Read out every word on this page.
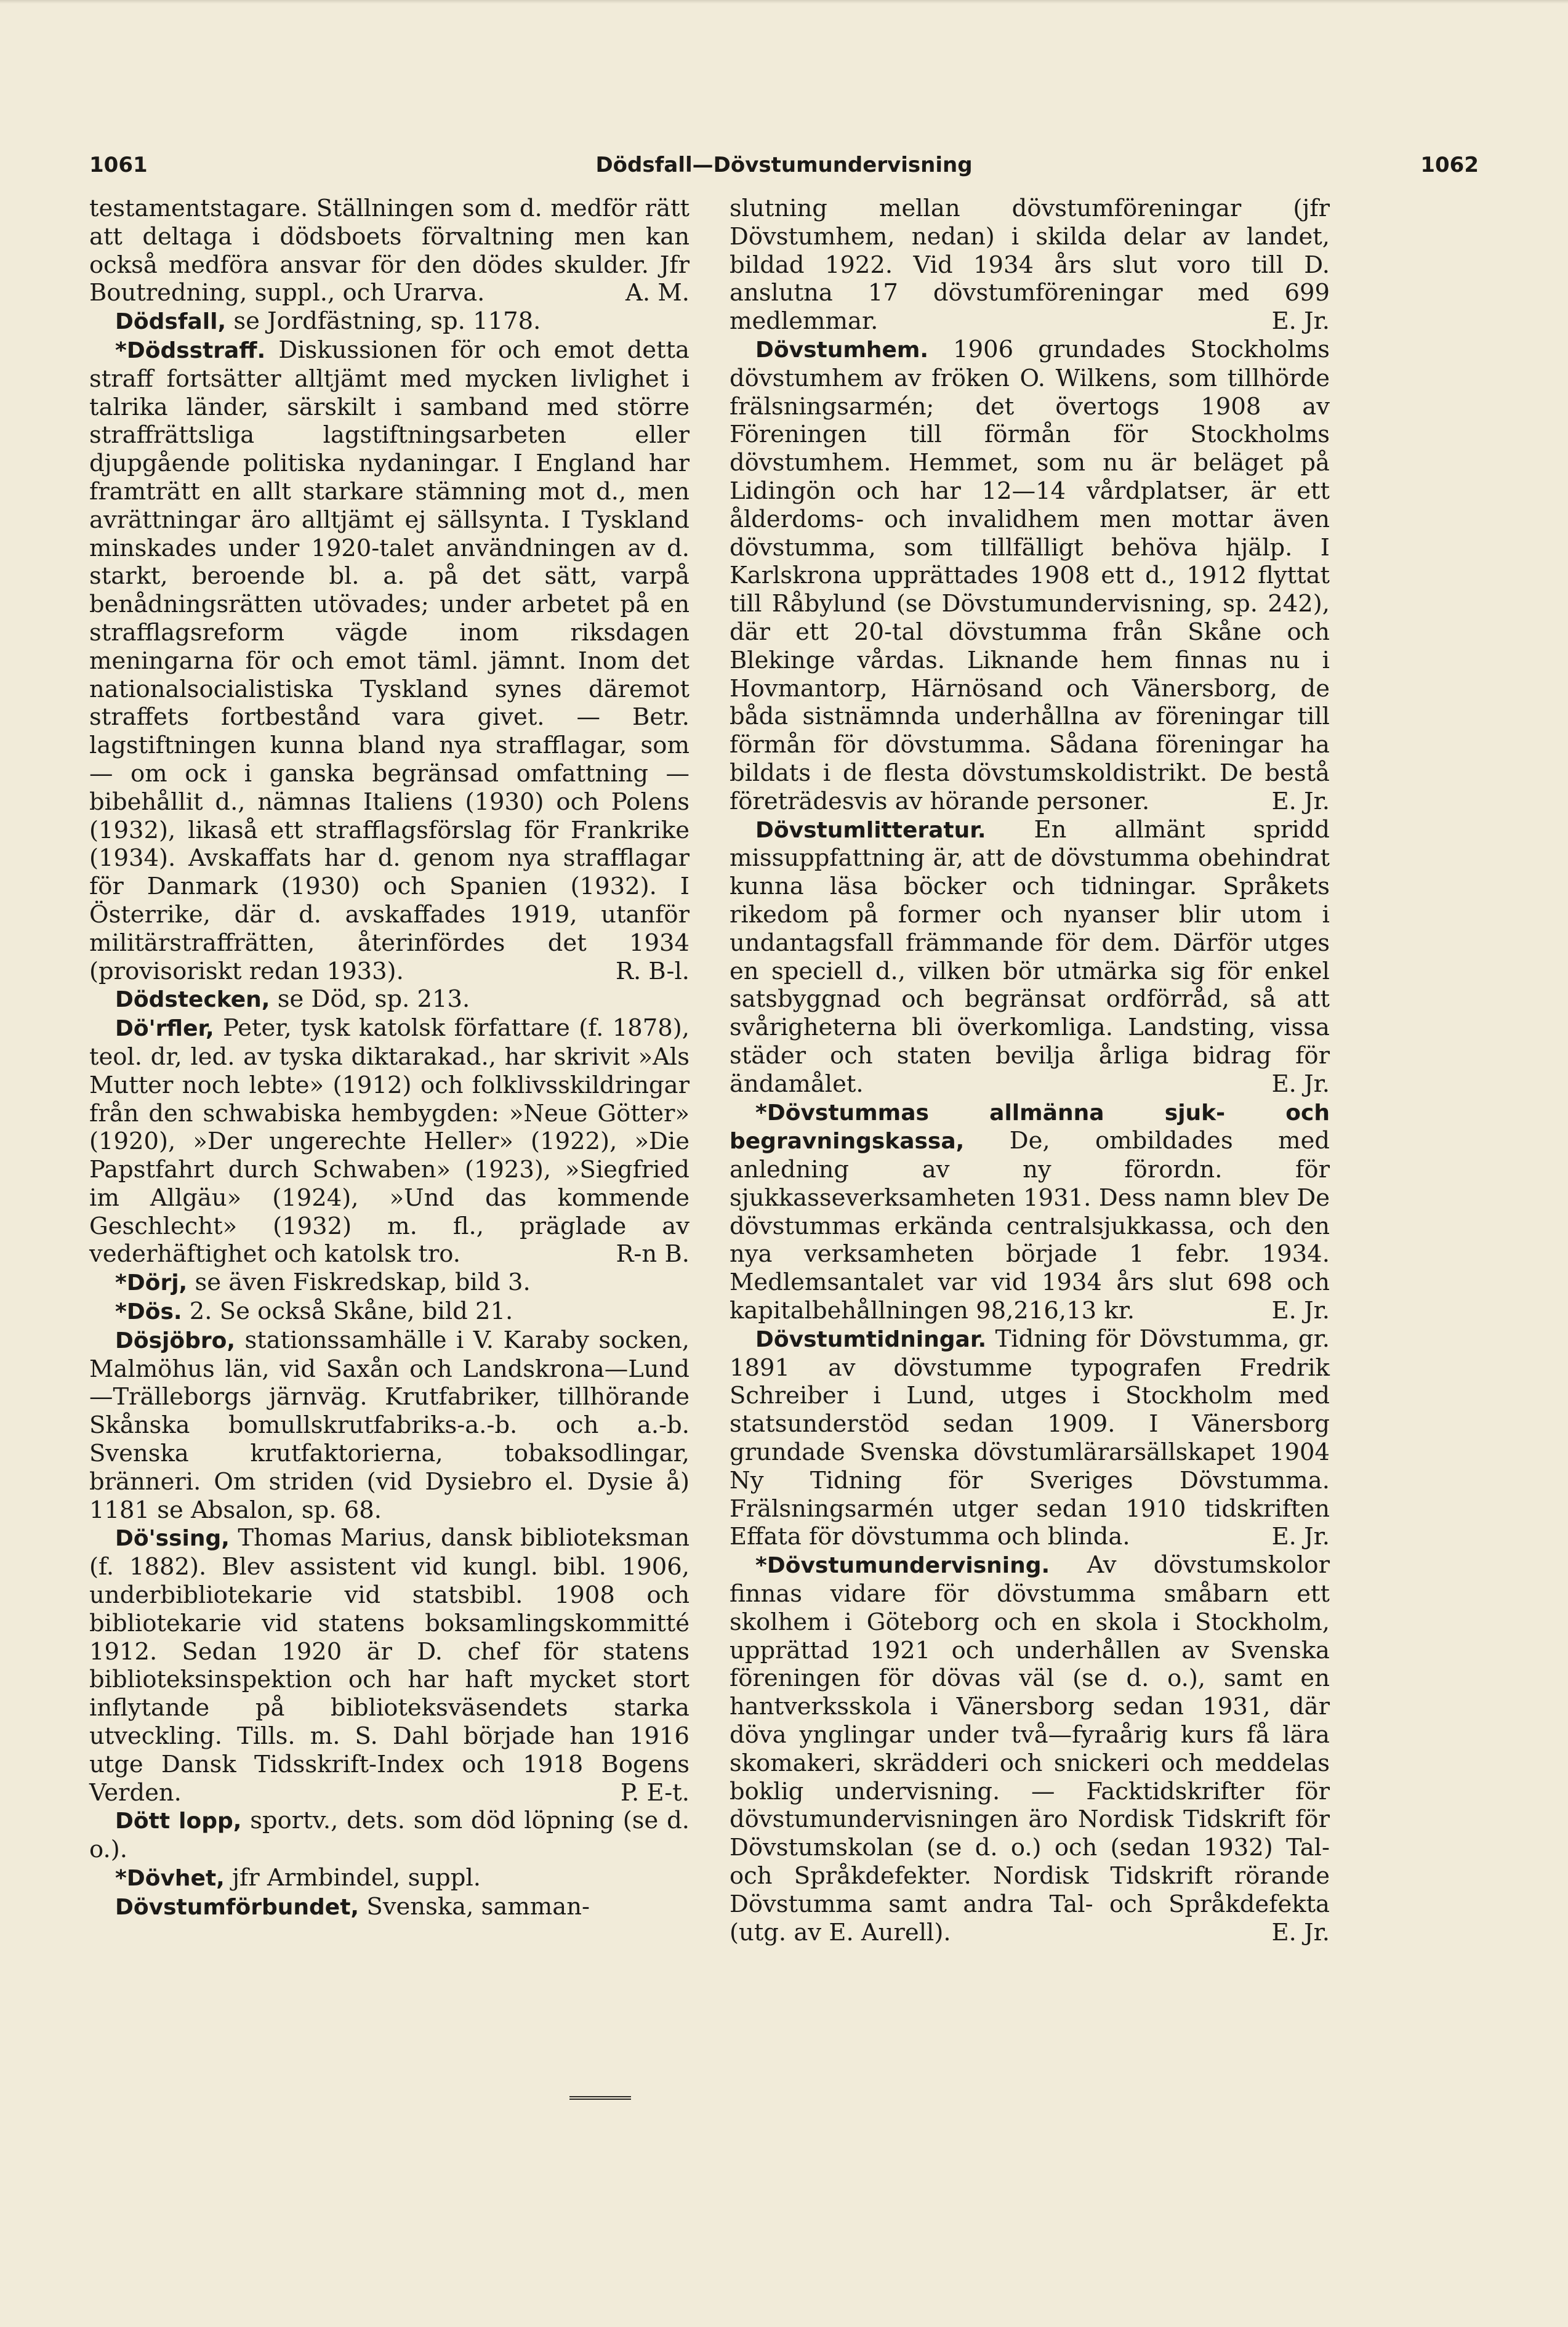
1061	Dödsfall—Dövstumundervisning	1062

testamentstagare. Ställningen som d. medför rätt att deltaga i dödsboets förvaltning men kan också medföra ansvar för den dödes skulder. Jfr Boutredning, suppl., och Urarva.	A. M.

Dödsfall, se Jordfästning, sp. 1178.

*Dödsstraff. Diskussionen för och emot detta straff fortsätter alltjämt med mycken livlighet i talrika länder, särskilt i samband med större straffrättsliga lagstiftningsarbeten eller djupgående politiska nydaningar. I England har framträtt en allt starkare stämning mot d., men avrättningar äro alltjämt ej sällsynta. I Tyskland minskades under 1920-talet användningen av d. starkt, beroende bl. a. på det sätt, varpå benådningsrätten utövades; under arbetet på en strafflagsreform vägde inom riksdagen meningarna för och emot täml. jämnt. Inom det nationalsocialistiska Tyskland synes däremot straffets fortbestånd vara givet. — Betr. lagstiftningen kunna bland nya strafflagar, som — om ock i ganska begränsad omfattning — bibehållit d., nämnas Italiens (1930) och Polens (1932), likaså ett strafflagsförslag för Frankrike (1934). Avskaffats har d. genom nya strafflagar för Danmark (1930) och Spanien (1932). I Österrike, där d. avskaffades 1919, utanför militärstraffrätten, återinfördes det 1934 (provisoriskt redan 1933).	R. B-l.

Dödstecken, se Död, sp. 213.

Dö'rfler, Peter, tysk katolsk författare (f. 1878), teol. dr, led. av tyska diktarakad., har skrivit »Als Mutter noch lebte» (1912) och folklivsskildringar från den schwabiska hembygden: »Neue Götter» (1920), »Der ungerechte Heller» (1922), »Die Papstfahrt durch Schwaben» (1923), »Siegfried im Allgäu» (1924), »Und das kommende Geschlecht» (1932) m. fl., präglade av vederhäftighet och katolsk tro.	R-n B.

*Dörj, se även Fiskredskap, bild 3.

*Dös. 2. Se också Skåne, bild 21.

Dösjöbro, stationssamhälle i V. Karaby socken, Malmöhus län, vid Saxån och Landskrona—Lund—Trälleborgs järnväg. Krutfabriker, tillhörande Skånska bomullskrutfabriks-a.-b. och a.-b. Svenska krutfaktorierna, tobaksodlingar, bränneri. Om striden (vid Dysiebro el. Dysie å) 1181 se Absalon, sp. 68.

Dö'ssing, Thomas Marius, dansk biblioteksman (f. 1882). Blev assistent vid kungl. bibl. 1906, underbibliotekarie vid statsbibl. 1908 och bibliotekarie vid statens boksamlingskommitté 1912. Sedan 1920 är D. chef för statens biblioteksinspektion och har haft mycket stort inflytande på biblioteksväsendets starka utveckling. Tills. m. S. Dahl började han 1916 utge Dansk Tidsskrift-Index och 1918 Bogens Verden.	P. E-t.

Dött lopp, sportv., dets. som död löpning (se d. o.).

*Dövhet, jfr Armbindel, suppl.

Dövstumförbundet, Svenska, samman-

slutning mellan dövstumföreningar (jfr Dövstumhem, nedan) i skilda delar av landet, bildad 1922. Vid 1934 års slut voro till D. anslutna 17 dövstumföreningar med 699 medlemmar.	E. Jr.

Dövstumhem. 1906 grundades Stockholms dövstumhem av fröken O. Wilkens, som tillhörde frälsningsarmén; det övertogs 1908 av Föreningen till förmån för Stockholms dövstumhem. Hemmet, som nu är beläget på Lidingön och har 12—14 vårdplatser, är ett ålderdoms- och invalidhem men mottar även dövstumma, som tillfälligt behöva hjälp. I Karlskrona upprättades 1908 ett d., 1912 flyttat till Råbylund (se Dövstumundervisning, sp. 242), där ett 20-tal dövstumma från Skåne och Blekinge vårdas. Liknande hem finnas nu i Hovmantorp, Härnösand och Vänersborg, de båda sistnämnda underhållna av föreningar till förmån för dövstumma. Sådana föreningar ha bildats i de flesta dövstumskoldistrikt. De bestå företrädesvis av hörande personer.	E. Jr.

Dövstumlitteratur. En allmänt spridd missuppfattning är, att de dövstumma obehindrat kunna läsa böcker och tidningar. Språkets rikedom på former och nyanser blir utom i undantagsfall främmande för dem. Därför utges en speciell d., vilken bör utmärka sig för enkel satsbyggnad och begränsat ordförråd, så att svårigheterna bli överkomliga. Landsting, vissa städer och staten bevilja årliga bidrag för ändamålet.	E. Jr.

*Dövstummas allmänna sjuk- och begravningskassa, De, ombildades med anledning av ny förordn. för sjukkasseverksamheten 1931. Dess namn blev De dövstummas erkända centralsjukkassa, och den nya verksamheten började 1 febr. 1934. Medlemsantalet var vid 1934 års slut 698 och kapitalbehållningen 98,216,13 kr.	E. Jr.

Dövstumtidningar. Tidning för Dövstumma, gr. 1891 av dövstumme typografen Fredrik Schreiber i Lund, utges i Stockholm med statsunderstöd sedan 1909. I Vänersborg grundade Svenska dövstumlärarsällskapet 1904 Ny Tidning för Sveriges Dövstumma. Frälsningsarmén utger sedan 1910 tidskriften Effata för dövstumma och blinda.	E. Jr.

*Dövstumundervisning. Av dövstumskolor finnas vidare för dövstumma småbarn ett skolhem i Göteborg och en skola i Stockholm, upprättad 1921 och underhållen av Svenska föreningen för dövas väl (se d. o.), samt en hantverksskola i Vänersborg sedan 1931, där döva ynglingar under två—fyraårig kurs få lära skomakeri, skrädderi och snickeri och meddelas boklig undervisning. — Facktidskrifter för dövstumundervisningen äro Nordisk Tidskrift för Dövstumskolan (se d. o.) och (sedan 1932) Tal- och Språkdefekter. Nordisk Tidskrift rörande Dövstumma samt andra Tal- och Språkdefekta (utg. av E. Aurell).	E. Jr.
